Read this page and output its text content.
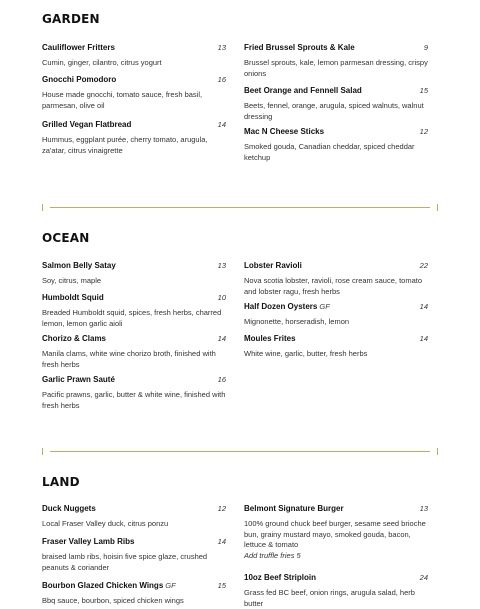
GARDEN
Cauliflower Fritters	13
Cumin, ginger, cilantro, citrus yogurt
Gnocchi Pomodoro	16
House made gnocchi, tomato sauce, fresh basil, parmesan, olive oil
Grilled Vegan Flatbread	14
Hummus, eggplant purée, cherry tomato, arugula, za'atar, citrus vinaigrette
Fried Brussel Sprouts & Kale	9
Brussel sprouts, kale, lemon parmesan dressing, crispy onions
Beet Orange and Fennell Salad	15
Beets, fennel, orange, arugula, spiced walnuts, walnut dressing
Mac N Cheese Sticks	12
Smoked gouda, Canadian cheddar, spiced cheddar ketchup
OCEAN
Salmon Belly Satay	13
Soy, citrus, maple
Humboldt Squid	10
Breaded Humboldt squid, spices, fresh herbs, charred lemon, lemon garlic aioli
Chorizo & Clams	14
Manila clams, white wine chorizo broth, finished with fresh herbs
Garlic Prawn Sauté	16
Pacific prawns, garlic, butter & white wine, finished with fresh herbs
Lobster Ravioli	22
Nova scotia lobster, ravioli, rose cream sauce, tomato and lobster ragu, fresh herbs
Half Dozen Oysters GF	14
Mignonette, horseradish, lemon
Moules Frites	14
White wine, garlic, butter, fresh herbs
LAND
Duck Nuggets	12
Local Fraser Valley duck, citrus ponzu
Fraser Valley Lamb Ribs	14
braised lamb ribs, hoisin five spice glaze, crushed peanuts & coriander
Bourbon Glazed Chicken Wings GF	15
Bbq sauce, bourbon, spiced chicken wings
Belmont Signature Burger	13
100% ground chuck beef burger, sesame seed brioche bun, grainy mustard mayo, smoked gouda, bacon, lettuce & tomato
Add truffle fries 5
10oz Beef Striploin	24
Grass fed BC beef, onion rings, arugula salad, herb butter
